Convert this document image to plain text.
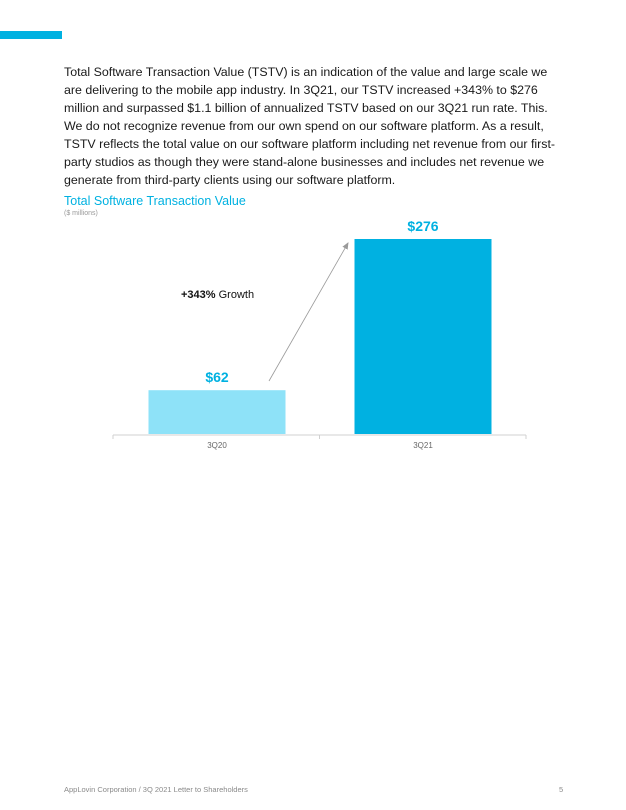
Total Software Transaction Value (TSTV) is an indication of the value and large scale we are delivering to the mobile app industry. In 3Q21, our TSTV increased +343% to $276 million and surpassed $1.1 billion of annualized TSTV based on our 3Q21 run rate. This. We do not recognize revenue from our own spend on our software platform. As a result, TSTV reflects the total value on our software platform including net revenue from our first-party studios as though they were stand-alone businesses and includes net revenue we generate from third-party clients using our software platform.

Total Software Transaction Value
($ millions)
$62
3Q20
$276
3Q21
+343% Growth
AppLovin Corporation / 3Q 2021 Letter to Shareholders	5
